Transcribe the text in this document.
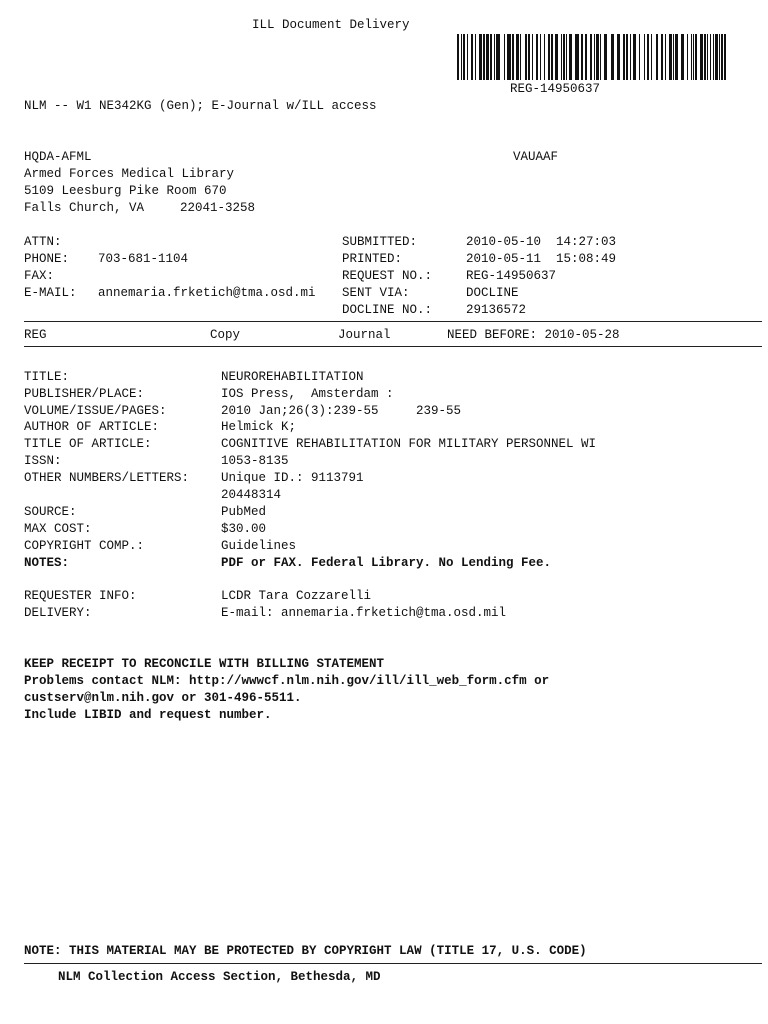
ILL Document Delivery
REG-14950637
NLM -- W1 NE342KG (Gen); E-Journal w/ILL access
HQDA-AFML	VAUAAF
Armed Forces Medical Library
5109 Leesburg Pike Room 670
Falls Church, VA	22041-3258
ATTN:
PHONE: 703-681-1104
FAX:
E-MAIL: annemaria.frketich@tma.osd.mi
SUBMITTED:	2010-05-10  14:27:03
PRINTED:	2010-05-11  15:08:49
REQUEST NO.:	REG-14950637
SENT VIA:	DOCLINE
DOCLINE NO.:	29136572
REG	Copy	Journal	NEED BEFORE: 2010-05-28
TITLE:	NEUROREHABILITATION
PUBLISHER/PLACE:	IOS Press,  Amsterdam :
VOLUME/ISSUE/PAGES:	2010 Jan;26(3):239-55     239-55
AUTHOR OF ARTICLE:	Helmick K;
TITLE OF ARTICLE:	COGNITIVE REHABILITATION FOR MILITARY PERSONNEL WI
ISSN:	1053-8135
OTHER NUMBERS/LETTERS:	Unique ID.: 9113791
20448314
SOURCE:	PubMed
MAX COST:	$30.00
COPYRIGHT COMP.:	Guidelines
NOTES:	PDF or FAX. Federal Library. No Lending Fee.
REQUESTER INFO:	LCDR Tara Cozzarelli
DELIVERY:	E-mail: annemaria.frketich@tma.osd.mil
KEEP RECEIPT TO RECONCILE WITH BILLING STATEMENT
Problems contact NLM: http://wwwcf.nlm.nih.gov/ill/ill_web_form.cfm or
custserv@nlm.nih.gov or 301-496-5511.
Include LIBID and request number.
NOTE: THIS MATERIAL MAY BE PROTECTED BY COPYRIGHT LAW (TITLE 17, U.S. CODE)
NLM Collection Access Section, Bethesda, MD
